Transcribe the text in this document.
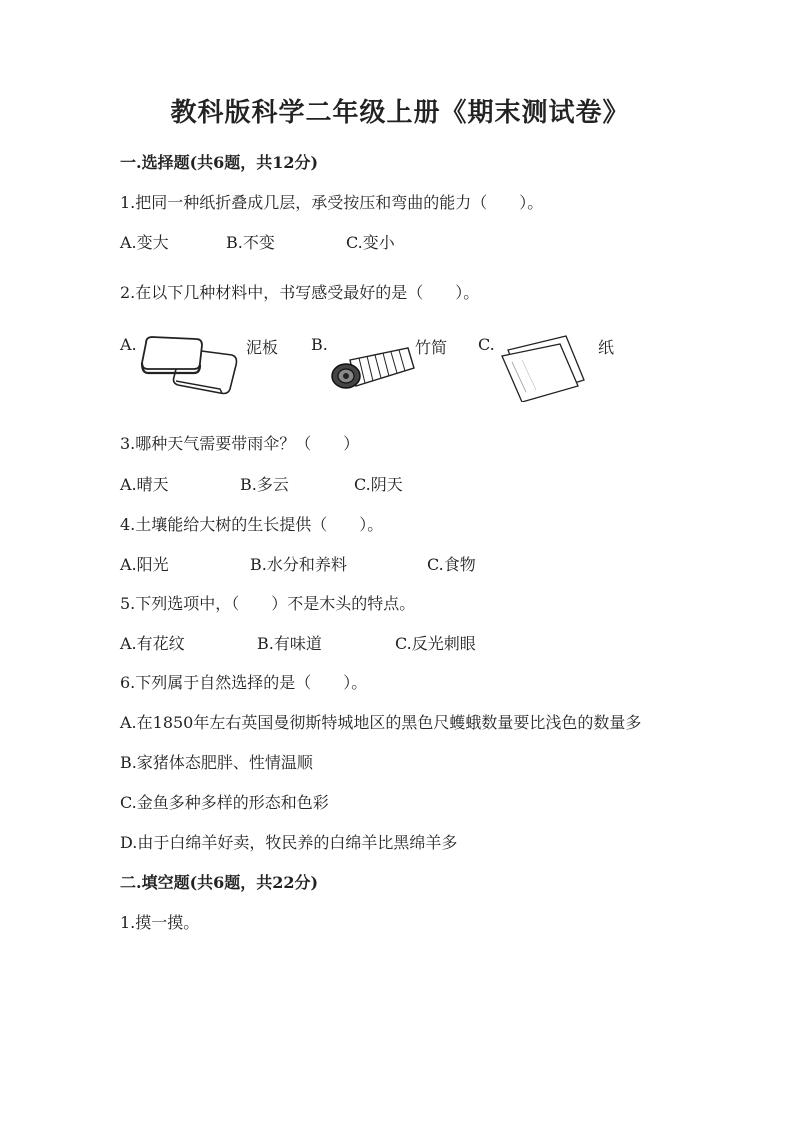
教科版科学二年级上册《期末测试卷》
一.选择题(共6题，共12分)
1.把同一种纸折叠成几层，承受按压和弯曲的能力（　　）。
A.变大	B.不变	C.变小
2.在以下几种材料中，书写感受最好的是（　　）。
A.	泥板 B.	竹简 C.	纸
3.哪种天气需要带雨伞？（　　）
A.晴天	B.多云	C.阴天
4.土壤能给大树的生长提供（　　）。
A.阳光	B.水分和养料	C.食物
5.下列选项中，（　　）不是木头的特点。
A.有花纹	B.有味道	C.反光刺眼
6.下列属于自然选择的是（　　）。
A.在1850年左右英国曼彻斯特城地区的黑色尺蠖蛾数量要比浅色的数量多
B.家猪体态肥胖、性情温顺
C.金鱼多种多样的形态和色彩
D.由于白绵羊好卖，牧民养的白绵羊比黑绵羊多
二.填空题(共6题，共22分)
1.摸一摸。
